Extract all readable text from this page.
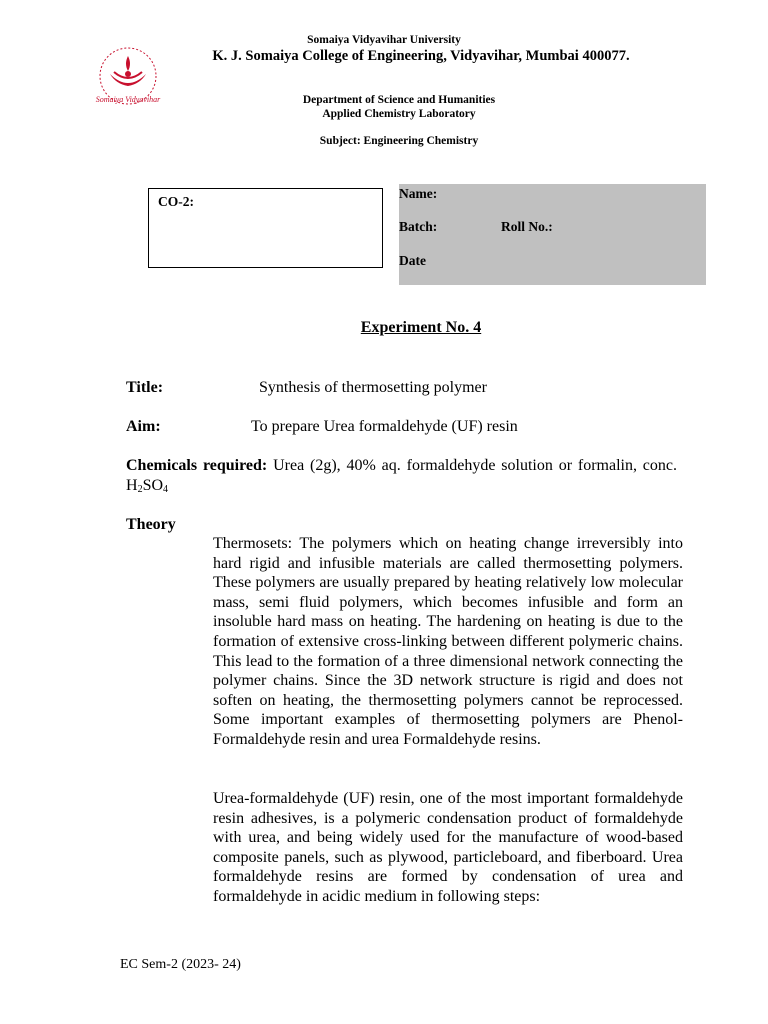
Somaiya Vidyavihar
Somaiya Vidyavihar University
K. J. Somaiya College of Engineering, Vidyavihar, Mumbai 400077.
Department of Science and Humanities
Applied Chemistry Laboratory
Subject: Engineering Chemistry
CO-2:
Name:
Batch:	Roll No.:
Date
Experiment No. 4
Title:	Synthesis of thermosetting polymer
Aim:	To prepare Urea formaldehyde (UF) resin
Chemicals required: Urea (2g), 40% aq. formaldehyde solution or formalin, conc. $H_2SO_4$
Theory
Thermosets: The polymers which on heating change irreversibly into hard rigid and infusible materials are called thermosetting polymers. These polymers are usually prepared by heating relatively low molecular mass, semi fluid polymers, which becomes infusible and form an insoluble hard mass on heating. The hardening on heating is due to the formation of extensive cross-linking between different polymeric chains. This lead to the formation of a three dimensional network connecting the polymer chains. Since the 3D network structure is rigid and does not soften on heating, the thermosetting polymers cannot be reprocessed. Some important examples of thermosetting polymers are Phenol-Formaldehyde resin and urea Formaldehyde resins.
Urea-formaldehyde (UF) resin, one of the most important formaldehyde resin adhesives, is a polymeric condensation product of formaldehyde with urea, and being widely used for the manufacture of wood-based composite panels, such as plywood, particleboard, and fiberboard. Urea formaldehyde resins are formed by condensation of urea and formaldehyde in acidic medium in following steps:
EC Sem-2 (2023- 24)
